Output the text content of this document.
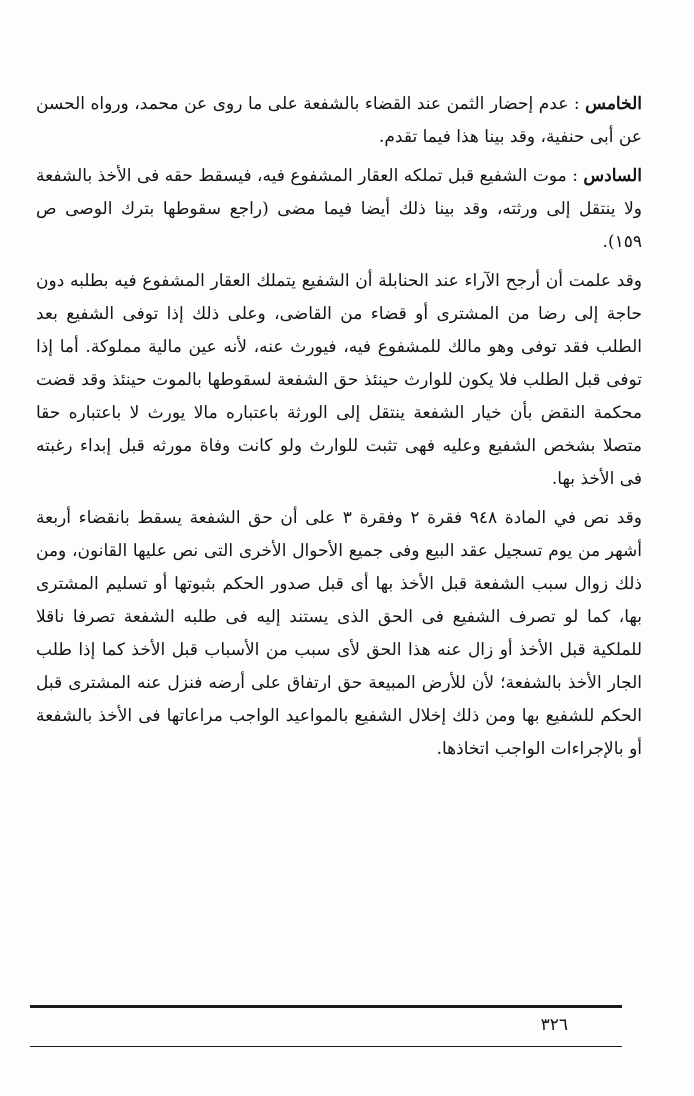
الخامس : عدم إحضار الثمن عند القضاء بالشفعة على ما روى عن محمد، ورواه الحسن عن أبى حنفية، وقد بينا هذا فيما تقدم.

السادس : موت الشفيع قبل تملكه العقار المشفوع فيه، فيسقط حقه فى الأخذ بالشفعة ولا ينتقل إلى ورثته، وقد بينا ذلك أيضا فيما مضى (راجع سقوطها بترك الوصى ص ١٥٩).

وقد علمت أن أرجح الآراء عند الحنابلة أن الشفيع يتملك العقار المشفوع فيه بطلبه دون حاجة إلى رضا من المشترى أو قضاء من القاضى، وعلى ذلك إذا توفى الشفيع بعد الطلب فقد توفى وهو مالك للمشفوع فيه، فيورث عنه، لأنه عين مالية مملوكة. أما إذا توفى قبل الطلب فلا يكون للوارث حينئذ حق الشفعة لسقوطها بالموت حينئذ وقد قضت محكمة النقض بأن خيار الشفعة ينتقل إلى الورثة باعتباره مالا يورث لا باعتباره حقا متصلا بشخص الشفيع وعليه فهى تثبت للوارث ولو كانت وفاة مورثه قبل إبداء رغبته فى الأخذ بها.

وقد نص في المادة ٩٤٨ فقرة ٢ وفقرة ٣ على أن حق الشفعة يسقط بانقضاء أربعة أشهر من يوم تسجيل عقد البيع وفى جميع الأحوال الأخرى التى نص عليها القانون، ومن ذلك زوال سبب الشفعة قبل الأخذ بها أى قبل صدور الحكم بثبوتها أو تسليم المشترى بها، كما لو تصرف الشفيع فى الحق الذى يستند إليه فى طلبه الشفعة تصرفا ناقلا للملكية قبل الأخذ أو زال عنه هذا الحق لأى سبب من الأسباب قبل الأخذ كما إذا طلب الجار الأخذ بالشفعة؛ لأن للأرض المبيعة حق ارتفاق على أرضه فنزل عنه المشترى قبل الحكم للشفيع بها ومن ذلك إخلال الشفيع بالمواعيد الواجب مراعاتها فى الأخذ بالشفعة أو بالإجراءات الواجب اتخاذها.

٣٢٦
